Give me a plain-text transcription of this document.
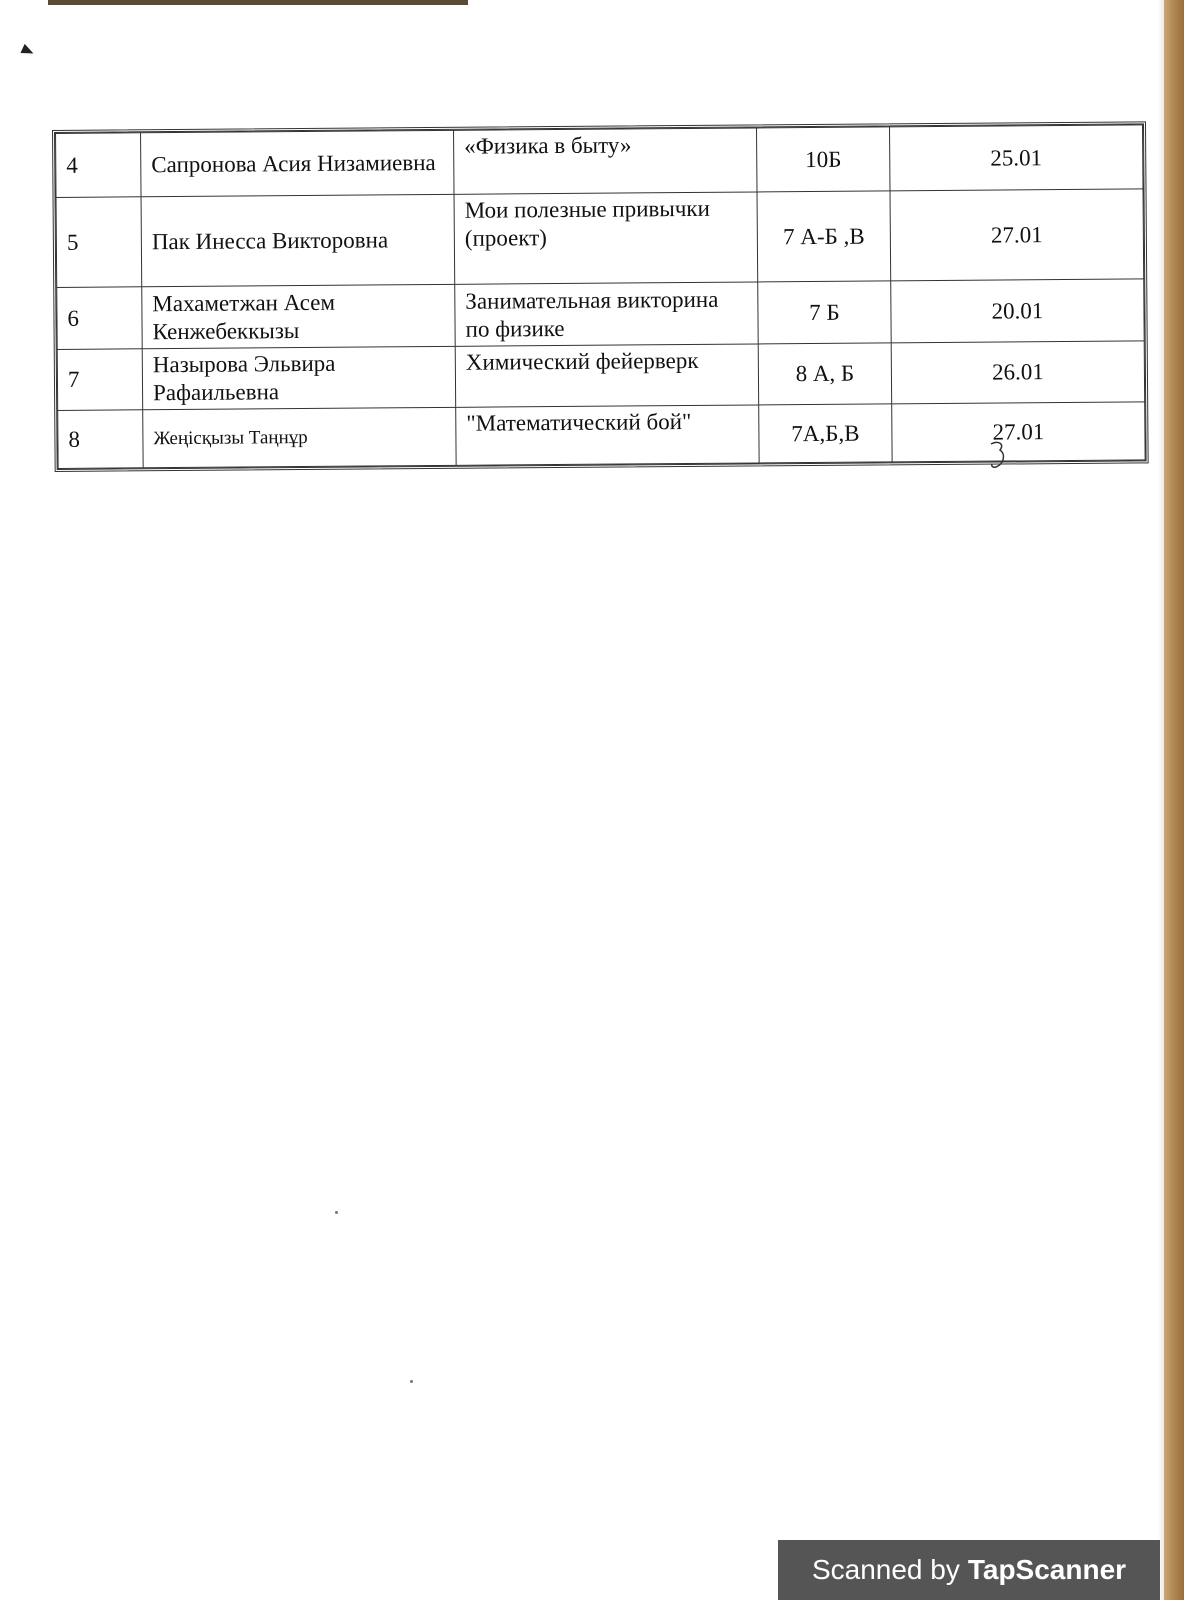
4	Сапронова Асия Низамиевна	«Физика в быту»	10Б	25.01
5	Пак Инесса Викторовна	Мои полезные привычки (проект)	7 А-Б ,В	27.01
6	Махаметжан Асем Кенжебеккызы	Занимательная викторина по физике	7 Б	20.01
7	Назырова Эльвира Рафаильевна	Химический фейерверк	8 А, Б	26.01
8	Жеңісқызы Таңнұр	"Математический бой"	7А,Б,В	27.01
Scanned by TapScanner
